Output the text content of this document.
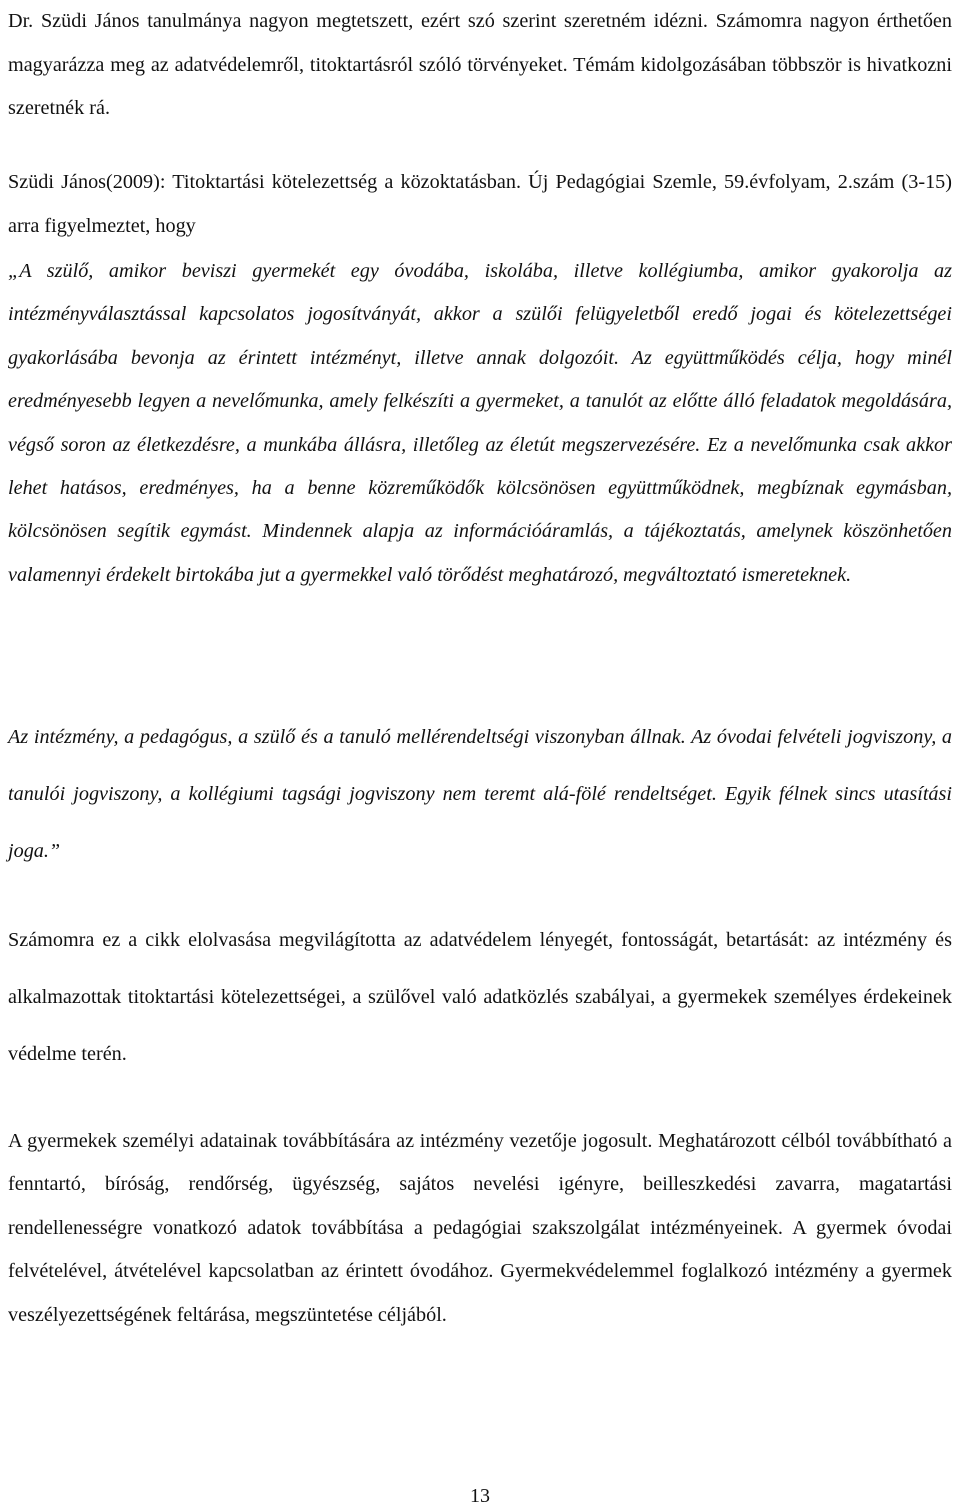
Dr. Szüdi János tanulmánya nagyon megtetszett, ezért szó szerint szeretném idézni. Számomra nagyon érthetően magyarázza meg az adatvédelemről, titoktartásról szóló törvényeket. Témám kidolgozásában többször is hivatkozni szeretnék rá.

Szüdi János(2009): Titoktartási kötelezettség a közoktatásban. Új Pedagógiai Szemle, 59.évfolyam, 2.szám (3-15) arra figyelmeztet, hogy

„A szülő, amikor beviszi gyermekét egy óvodába, iskolába, illetve kollégiumba, amikor gyakorolja az intézményválasztással kapcsolatos jogosítványát, akkor a szülői felügyeletből eredő jogai és kötelezettségei gyakorlásába bevonja az érintett intézményt, illetve annak dolgozóit. Az együttműködés célja, hogy minél eredményesebb legyen a nevelőmunka, amely felkészíti a gyermeket, a tanulót az előtte álló feladatok megoldására, végső soron az életkezdésre, a munkába állásra, illetőleg az életút megszervezésére. Ez a nevelőmunka csak akkor lehet hatásos, eredményes, ha a benne közreműködők kölcsönösen együttműködnek, megbíznak egymásban, kölcsönösen segítik egymást. Mindennek alapja az információáramlás, a tájékoztatás, amelynek köszönhetően valamennyi érdekelt birtokába jut a gyermekkel való törődést meghatározó, megváltoztató ismereteknek.

Az intézmény, a pedagógus, a szülő és a tanuló mellérendeltségi viszonyban állnak. Az óvodai felvételi jogviszony, a tanulói jogviszony, a kollégiumi tagsági jogviszony nem teremt alá-fölé rendeltséget. Egyik félnek sincs utasítási joga.”

Számomra ez a cikk elolvasása megvilágította az adatvédelem lényegét, fontosságát, betartását: az intézmény és alkalmazottak titoktartási kötelezettségei, a szülővel való adatközlés szabályai, a gyermekek személyes érdekeinek védelme terén.

A gyermekek személyi adatainak továbbítására az intézmény vezetője jogosult. Meghatározott célból továbbítható a fenntartó, bíróság, rendőrség, ügyészség, sajátos nevelési igényre, beilleszkedési zavarra, magatartási rendellenességre vonatkozó adatok továbbítása a pedagógiai szakszolgálat intézményeinek. A gyermek óvodai felvételével, átvételével kapcsolatban az érintett óvodához. Gyermekvédelemmel foglalkozó intézmény a gyermek veszélyezettségének feltárása, megszüntetése céljából.

13
